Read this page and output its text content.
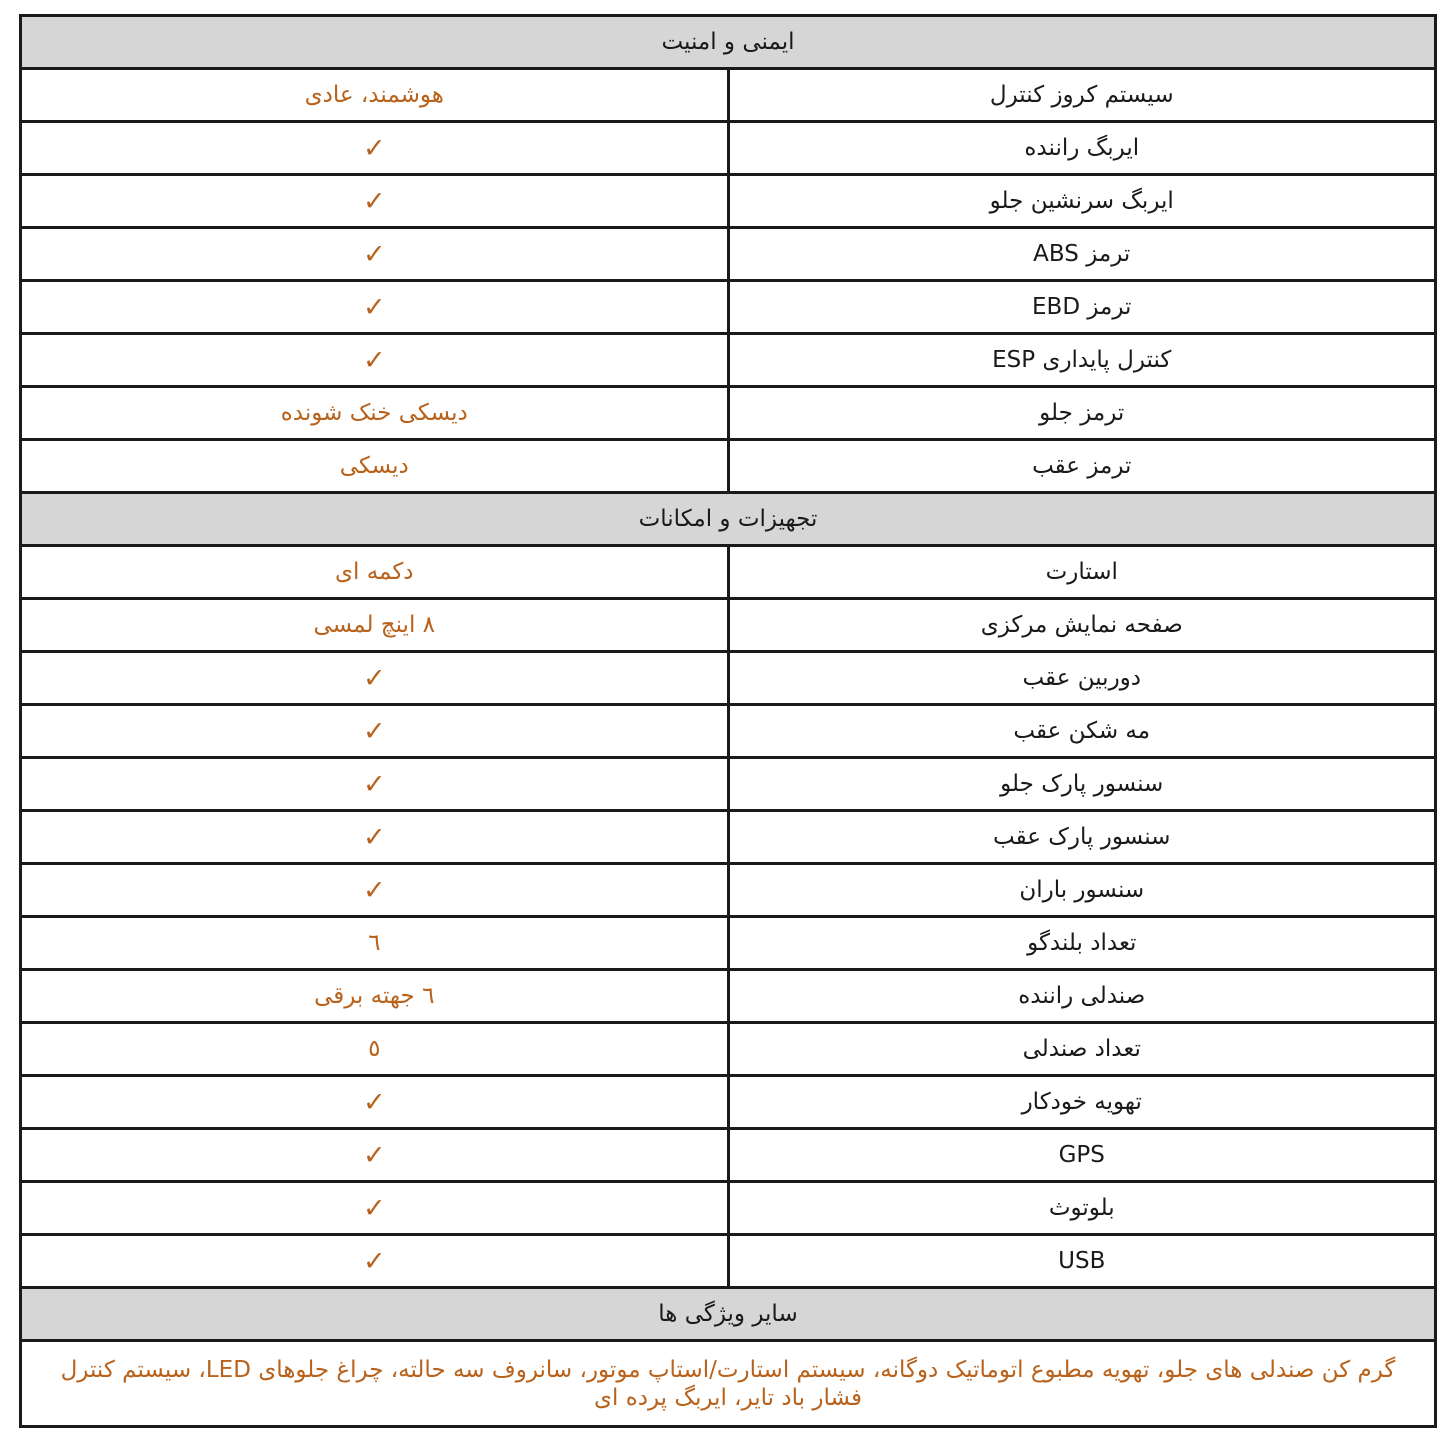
ایمنی و امنیت	
سیستم کروز کنترل	هوشمند، عادی
ایربگ راننده	✓
ایربگ سرنشین جلو	✓
ترمز ABS	✓
ترمز EBD	✓
کنترل پایداری ESP	✓
ترمز جلو	دیسکی خنک شونده
ترمز عقب	دیسکی
تجهیزات و امکانات	
استارت	دکمه ای
صفحه نمایش مرکزی	۸ اینچ لمسی
دوربین عقب	✓
مه شکن عقب	✓
سنسور پارک جلو	✓
سنسور پارک عقب	✓
سنسور باران	✓
تعداد بلندگو	٦
صندلی راننده	٦ جهته برقی
تعداد صندلی	٥
تهویه خودکار	✓
GPS	✓
بلوتوث	✓
USB	✓
سایر ویژگی ها	
گرم کن صندلی های جلو، تهویه مطبوع اتوماتیک دوگانه، سیستم استارت/استاپ موتور، سانروف سه حالته، چراغ جلوهای LED، سیستم کنترل فشار باد تایر، ایربگ پرده ای	
